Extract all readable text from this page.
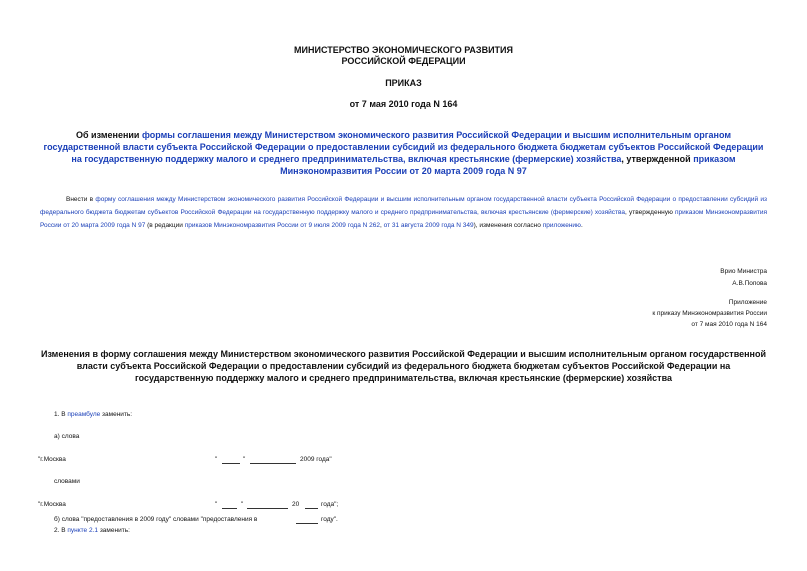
МИНИСТЕРСТВО ЭКОНОМИЧЕСКОГО РАЗВИТИЯ
РОССИЙСКОЙ ФЕДЕРАЦИИ
ПРИКАЗ
от 7 мая 2010 года N 164
Об изменении формы соглашения между Министерством экономического развития Российской Федерации и высшим исполнительным органом государственной власти субъекта Российской Федерации о предоставлении субсидий из федерального бюджета бюджетам субъектов Российской Федерации на государственную поддержку малого и среднего предпринимательства, включая крестьянские (фермерские) хозяйства, утвержденной приказом Минэкономразвития России от 20 марта 2009 года N 97
Внести в форму соглашения между Министерством экономического развития Российской Федерации и высшим исполнительным органом государственной власти субъекта Российской Федерации о предоставлении субсидий из федерального бюджета бюджетам субъектов Российской Федерации на государственную поддержку малого и среднего предпринимательства, включая крестьянские (фермерские) хозяйства, утвержденную приказом Минэкономразвития России от 20 марта 2009 года N 97 (в редакции приказов Минэкономразвития России от 9 июля 2009 года N 262, от 31 августа 2009 года N 349), изменения согласно приложению.
Врио Министра
А.В.Попова
Приложение
к приказу Минэкономразвития России
от 7 мая 2010 года N 164
Изменения в форму соглашения между Министерством экономического развития Российской Федерации и высшим исполнительным органом государственной власти субъекта Российской Федерации о предоставлении субсидий из федерального бюджета бюджетам субъектов Российской Федерации на государственную поддержку малого и среднего предпринимательства, включая крестьянские (фермерские) хозяйства
1. В преамбуле заменить:
а) слова
"г.Москва	"	"	2009 года"
словами
"г.Москва	"	"	20	года";
б) слова "предоставления в 2009 году" словами "предоставления в	году".
2. В пункте 2.1 заменить:
